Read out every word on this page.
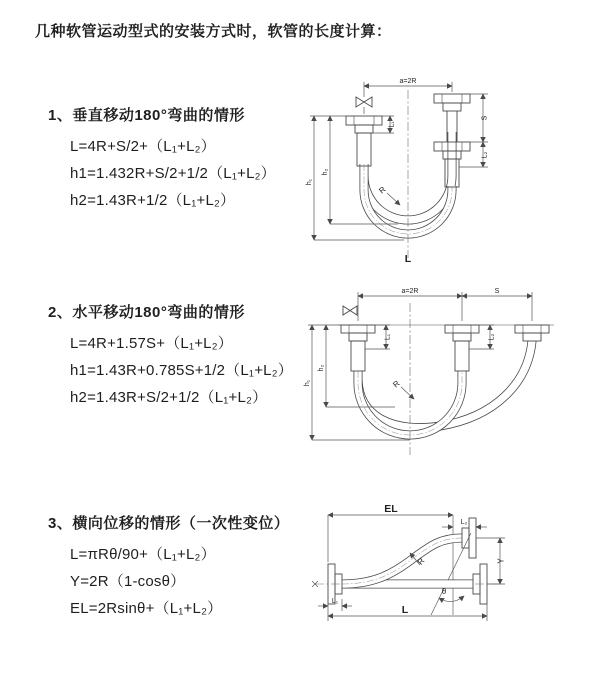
几种软管运动型式的安装方式时，软管的长度计算：
1、垂直移动180°弯曲的情形
L=4R+S/2+（L₁+L₂）
h1=1.432R+S/2+1/2（L₁+L₂）
h2=1.43R+1/2（L₁+L₂）
2、水平移动180°弯曲的情形
L=4R+1.57S+（L₁+L₂）
h1=1.43R+0.785S+1/2（L₁+L₂）
h2=1.43R+S/2+1/2（L₁+L₂）
3、横向位移的情形（一次性变位）
L=πRθ/90+（L₁+L₂）
Y=2R（1-cosθ）
EL=2Rsinθ+（L₁+L₂）
a=2R
S
L₂
L₁
h₂
h₁
R
L
a=2R	S
L₁	L₂
h₂
h₁	R
EL
L₂
Y
L₁
L
θ
R
